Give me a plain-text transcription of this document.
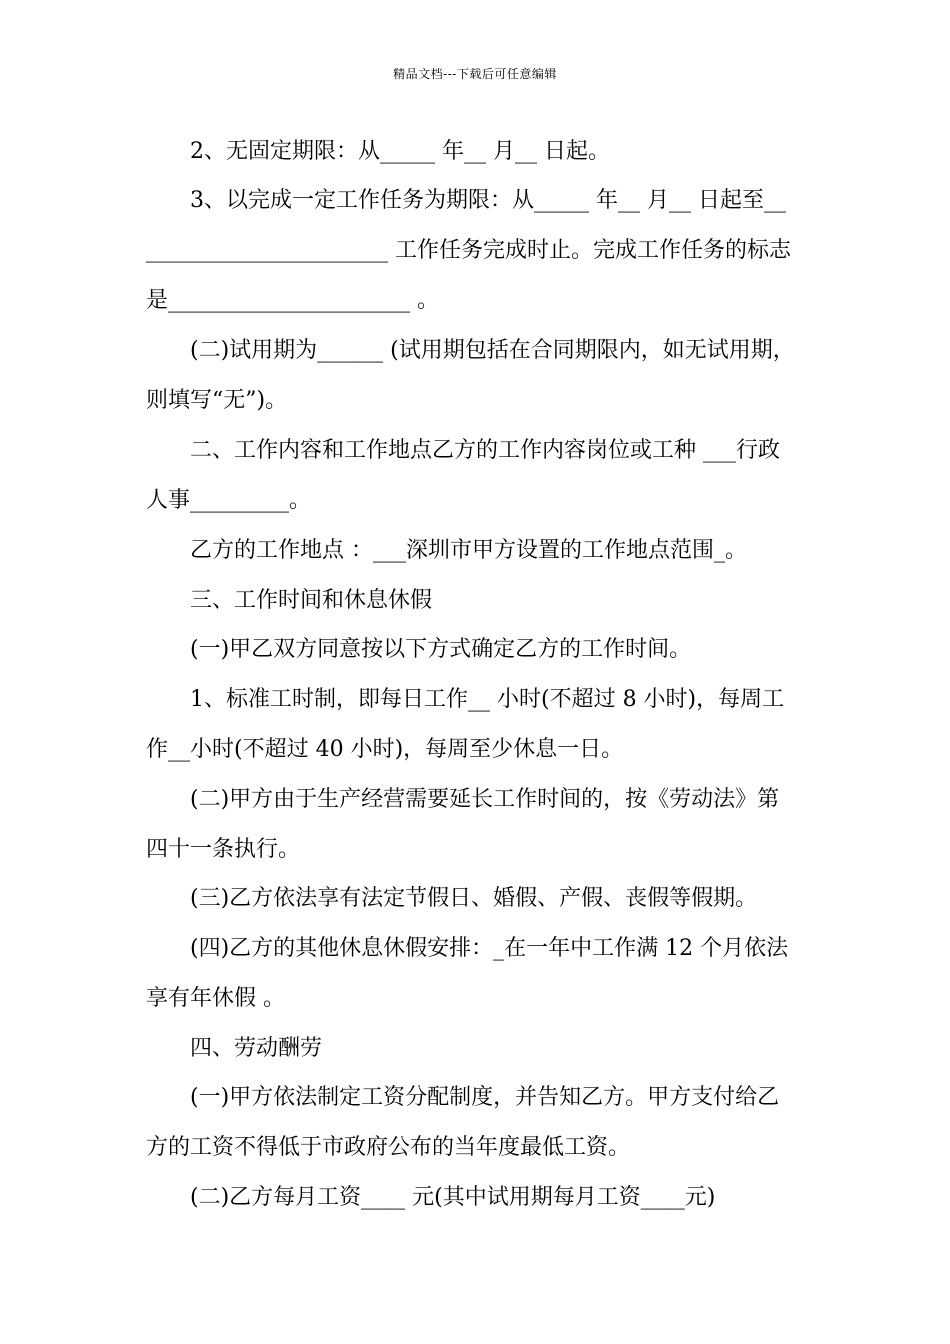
精品文档---下载后可任意编辑
2、无固定期限：从_____ 年__ 月__ 日起。
3、以完成一定工作任务为期限：从_____ 年__ 月__ 日起至__
______________________ 工作任务完成时止。完成工作任务的标志
是______________________ 。
(二)试用期为______ (试用期包括在合同期限内，如无试用期，
则填写“无”)。
二、工作内容和工作地点乙方的工作内容岗位或工种 ___行政
人事_________。
乙方的工作地点 ：___深圳市甲方设置的工作地点范围_。
三、工作时间和休息休假
(一)甲乙双方同意按以下方式确定乙方的工作时间。
1、标准工时制，即每日工作__ 小时(不超过 8 小时)，每周工
作__小时(不超过 40 小时)，每周至少休息一日。
(二)甲方由于生产经营需要延长工作时间的，按《劳动法》第
四十一条执行。
(三)乙方依法享有法定节假日、婚假、产假、丧假等假期。
(四)乙方的其他休息休假安排：_在一年中工作满 12 个月依法
享有年休假 。
四、劳动酬劳
(一)甲方依法制定工资分配制度，并告知乙方。甲方支付给乙
方的工资不得低于市政府公布的当年度最低工资。
(二)乙方每月工资____ 元(其中试用期每月工资____元)
